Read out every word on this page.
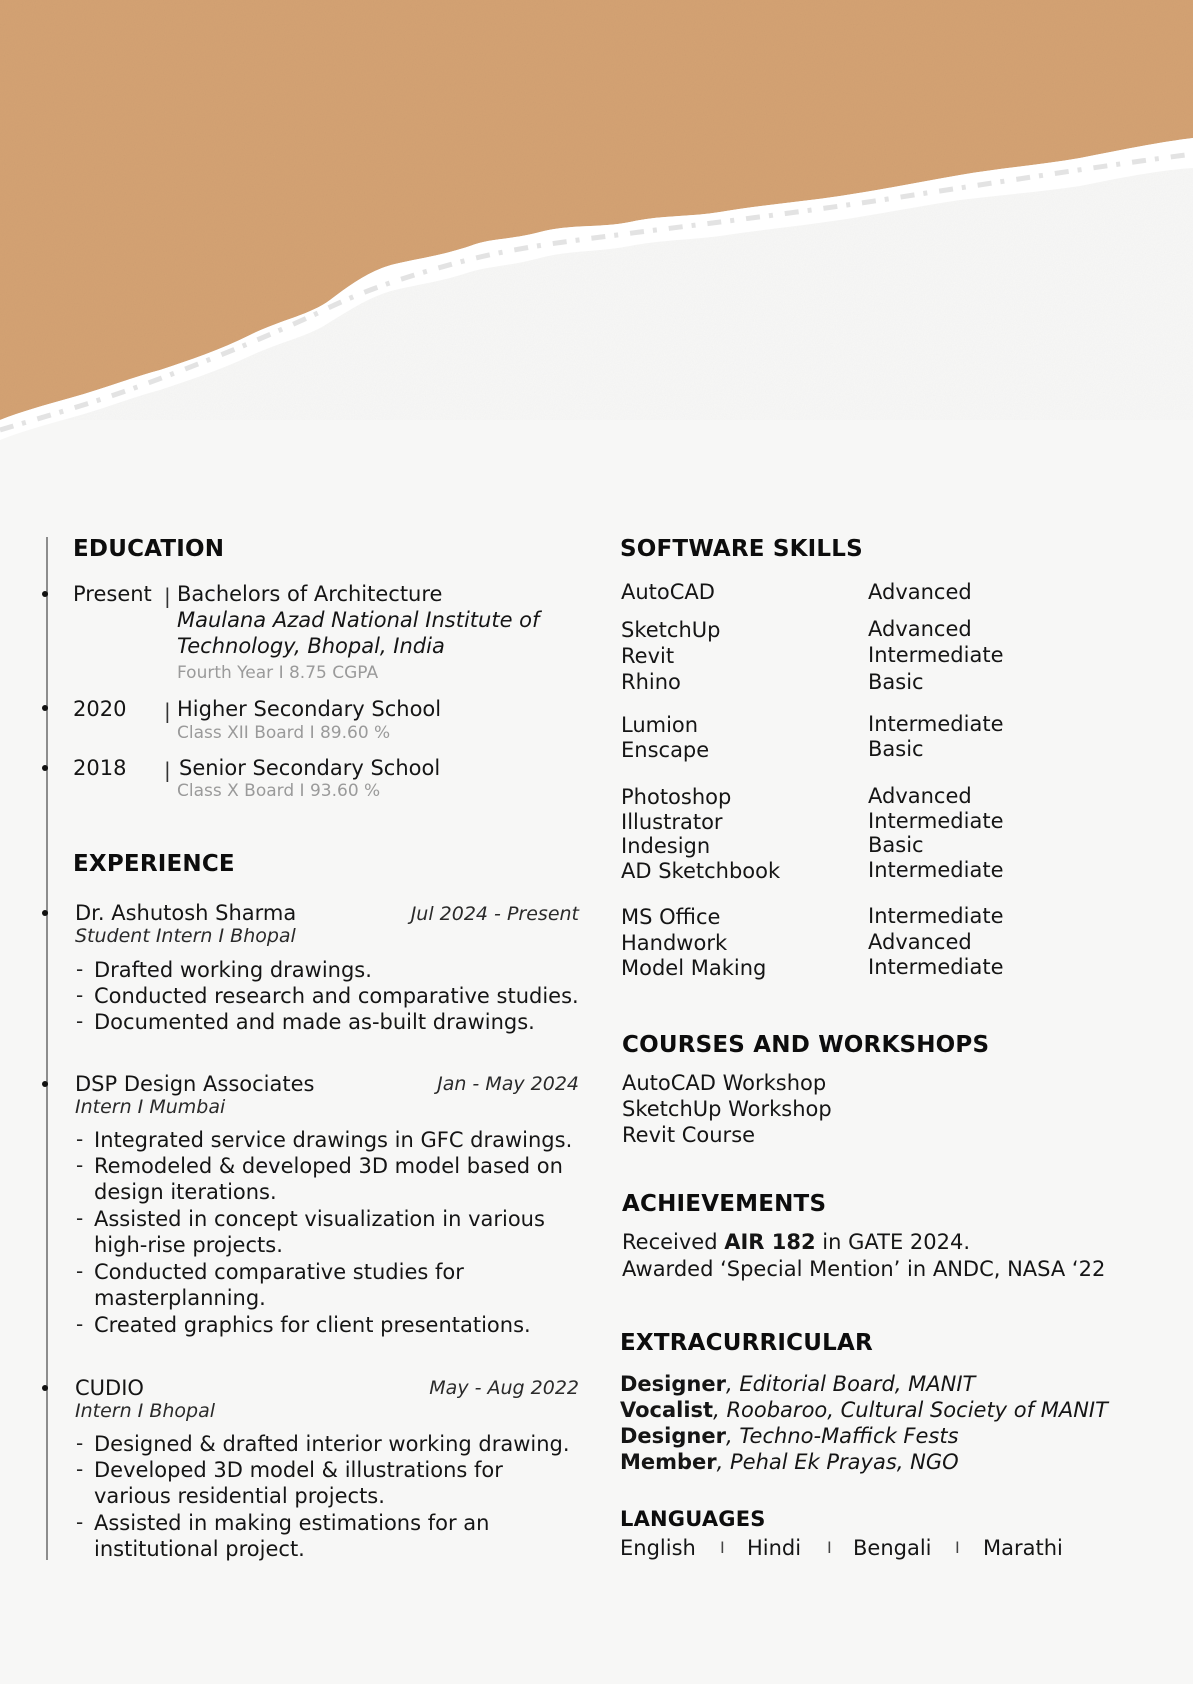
EDUCATION
Present | Bachelors of Architecture
Maulana Azad National Institute of
Technology, Bhopal, India
Fourth Year I 8.75 CGPA
2020 | Higher Secondary School
Class XII Board I 89.60 %
2018 | Senior Secondary School
Class X Board I 93.60 %
EXPERIENCE
Dr. Ashutosh Sharma	Jul 2024 - Present
Student Intern I Bhopal
- Drafted working drawings.
- Conducted research and comparative studies.
- Documented and made as-built drawings.
DSP Design Associates	Jan - May 2024
Intern I Mumbai
- Integrated service drawings in GFC drawings.
- Remodeled & developed 3D model based on
design iterations.
- Assisted in concept visualization in various
high-rise projects.
- Conducted comparative studies for
masterplanning.
- Created graphics for client presentations.
CUDIO	May - Aug 2022
Intern I Bhopal
- Designed & drafted interior working drawing.
- Developed 3D model & illustrations for
various residential projects.
- Assisted in making estimations for an
institutional project.
SOFTWARE SKILLS
AutoCAD	Advanced
SketchUp	Advanced
Revit	Intermediate
Rhino	Basic
Lumion	Intermediate
Enscape	Basic
Photoshop	Advanced
Illustrator	Intermediate
Indesign	Basic
AD Sketchbook	Intermediate
MS Office	Intermediate
Handwork	Advanced
Model Making	Intermediate
COURSES AND WORKSHOPS
AutoCAD Workshop
SketchUp Workshop
Revit Course
ACHIEVEMENTS
Received AIR 182 in GATE 2024.
Awarded ‘Special Mention’ in ANDC, NASA ‘22
EXTRACURRICULAR
Designer, Editorial Board, MANIT
Vocalist, Roobaroo, Cultural Society of MANIT
Designer, Techno-Maffick Fests
Member, Pehal Ek Prayas, NGO
LANGUAGES
English I Hindi I Bengali I Marathi
